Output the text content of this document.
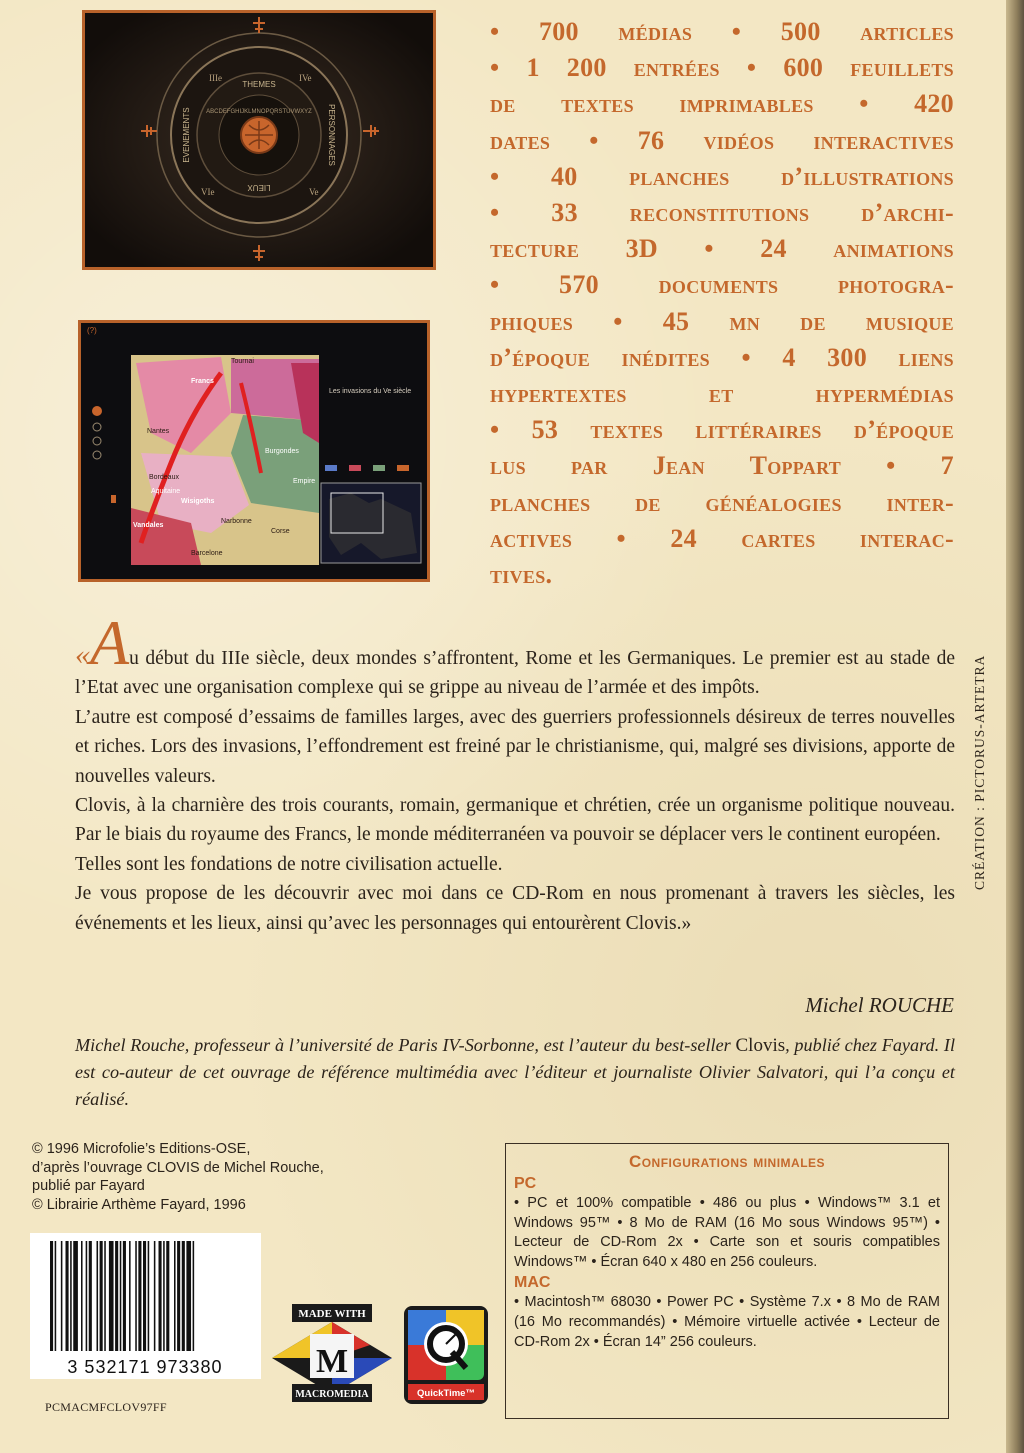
THEMES
PERSONNAGES
LIEUX
EVENEMENTS	ABCDEFGHIJKLMNOPQRSTUVWXYZ
IIIe	IVe
Ve
VIe
(?)
Tournai
Francs
Nantes
Aquitaine
Wisigoths
Vandales
Burgondes
Bordeaux
Barcelone
Corse
Narbonne
Empire
Les invasions du Ve siècle
• 700 médias • 500 articles
• 1 200 entrées • 600 feuillets
de textes imprimables • 420
dates • 76 vidéos interactives
• 40 planches d’illustrations
• 33 reconstitutions d’archi-
tecture 3D • 24 animations
• 570 documents photogra-
phiques • 45 mn de musique
d’époque inédites • 4 300 liens
hypertextes et hypermédias
• 53 textes littéraires d’époque
lus par Jean Toppart • 7
planches de généalogies inter-
actives • 24 cartes interac-
tives.

«Au début du IIIe siècle, deux mondes s’affrontent, Rome et les Germaniques. Le premier est au stade de l’Etat avec une organisation complexe qui se grippe au niveau de l’armée et des impôts.

L’autre est composé d’essaims de familles larges, avec des guerriers professionnels désireux de terres nouvelles et riches. Lors des invasions, l’effondrement est freiné par le christianisme, qui, malgré ses divisions, apporte de nouvelles valeurs.

Clovis, à la charnière des trois courants, romain, germanique et chrétien, crée un organisme politique nouveau. Par le biais du royaume des Francs, le monde méditerranéen va pouvoir se déplacer vers le continent européen.

Telles sont les fondations de notre civilisation actuelle.

Je vous propose de les découvrir avec moi dans ce CD-Rom en nous promenant à travers les siècles, les événements et les lieux, ainsi qu’avec les personnages qui entourèrent Clovis.»

Michel ROUCHE
Michel Rouche, professeur à l’université de Paris IV-Sorbonne, est l’auteur du best-seller Clovis, publié chez Fayard. Il est co-auteur de cet ouvrage de référence multimédia avec l’éditeur et journaliste Olivier Salvatori, qui l’a conçu et réalisé.
© 1996 Microfolie’s Editions-OSE,
d’après l’ouvrage CLOVIS de Michel Rouche,
publié par Fayard
© Librairie Arthème Fayard, 1996
3 532171 973380
PCMACMFCLOV97FF
MADE WITH
M
MACROMEDIA	QuickTime™
Configurations minimales
PC

• PC et 100% compatible • 486 ou plus • Windows™ 3.1 et Windows 95™ • 8 Mo de RAM (16 Mo sous Windows 95™) • Lecteur de CD-Rom 2x • Carte son et souris compatibles Windows™ • Écran 640 x 480 en 256 couleurs.

MAC

• Macintosh™ 68030 • Power PC • Système 7.x • 8 Mo de RAM (16 Mo recommandés) • Mémoire virtuelle activée • Lecteur de CD-Rom 2x • Écran 14” 256 couleurs.

CRÉATION : PICTORUS-ARTETRA
